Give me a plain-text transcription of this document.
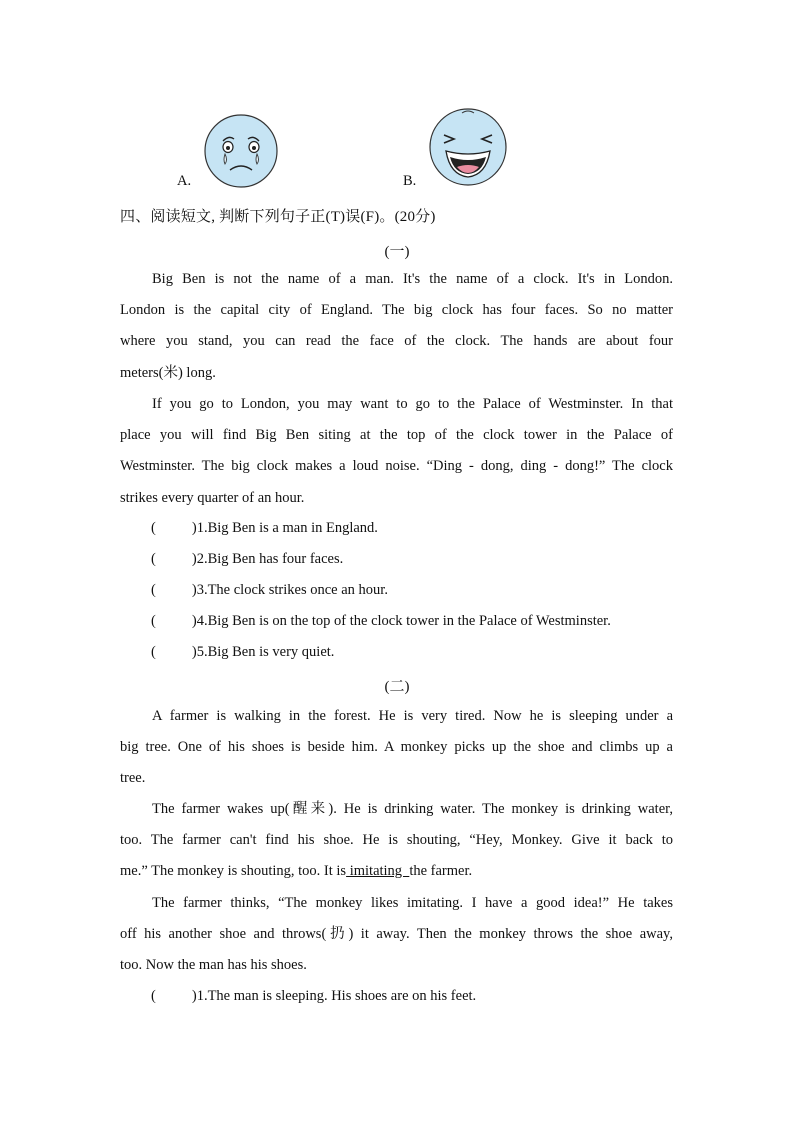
A.	B.
四、阅读短文, 判断下列句子正(T)误(F)。(20分)
(一)
Big Ben is not the name of a man. It's the name of a clock. It's in London.
London is the capital city of England. The big clock has four faces. So no matter
where you stand, you can read the face of the clock. The hands are about four
meters(米) long.
If you go to London, you may want to go to the Palace of Westminster. In that
place you will find Big Ben siting at the top of the clock tower in the Palace of
Westminster. The big clock makes a loud noise. “Ding - dong, ding - dong!” The clock
strikes every quarter of an hour.
( )1.Big Ben is a man in England.
( )2.Big Ben has four faces.
( )3.The clock strikes once an hour.
( )4.Big Ben is on the top of the clock tower in the Palace of Westminster.
( )5.Big Ben is very quiet.
(二)
A farmer is walking in the forest. He is very tired. Now he is sleeping under a
big tree. One of his shoes is beside him. A monkey picks up the shoe and climbs up a
tree.
The farmer wakes up(醒来). He is drinking water. The monkey is drinking water,
too. The farmer can't find his shoe. He is shouting, “Hey, Monkey. Give it back to
me.” The monkey is shouting, too. It is imitating  the farmer.
The farmer thinks, “The monkey likes imitating. I have a good idea!” He takes
off his another shoe and throws(扔) it away. Then the monkey throws the shoe away,
too. Now the man has his shoes.
( )1.The man is sleeping. His shoes are on his feet.
